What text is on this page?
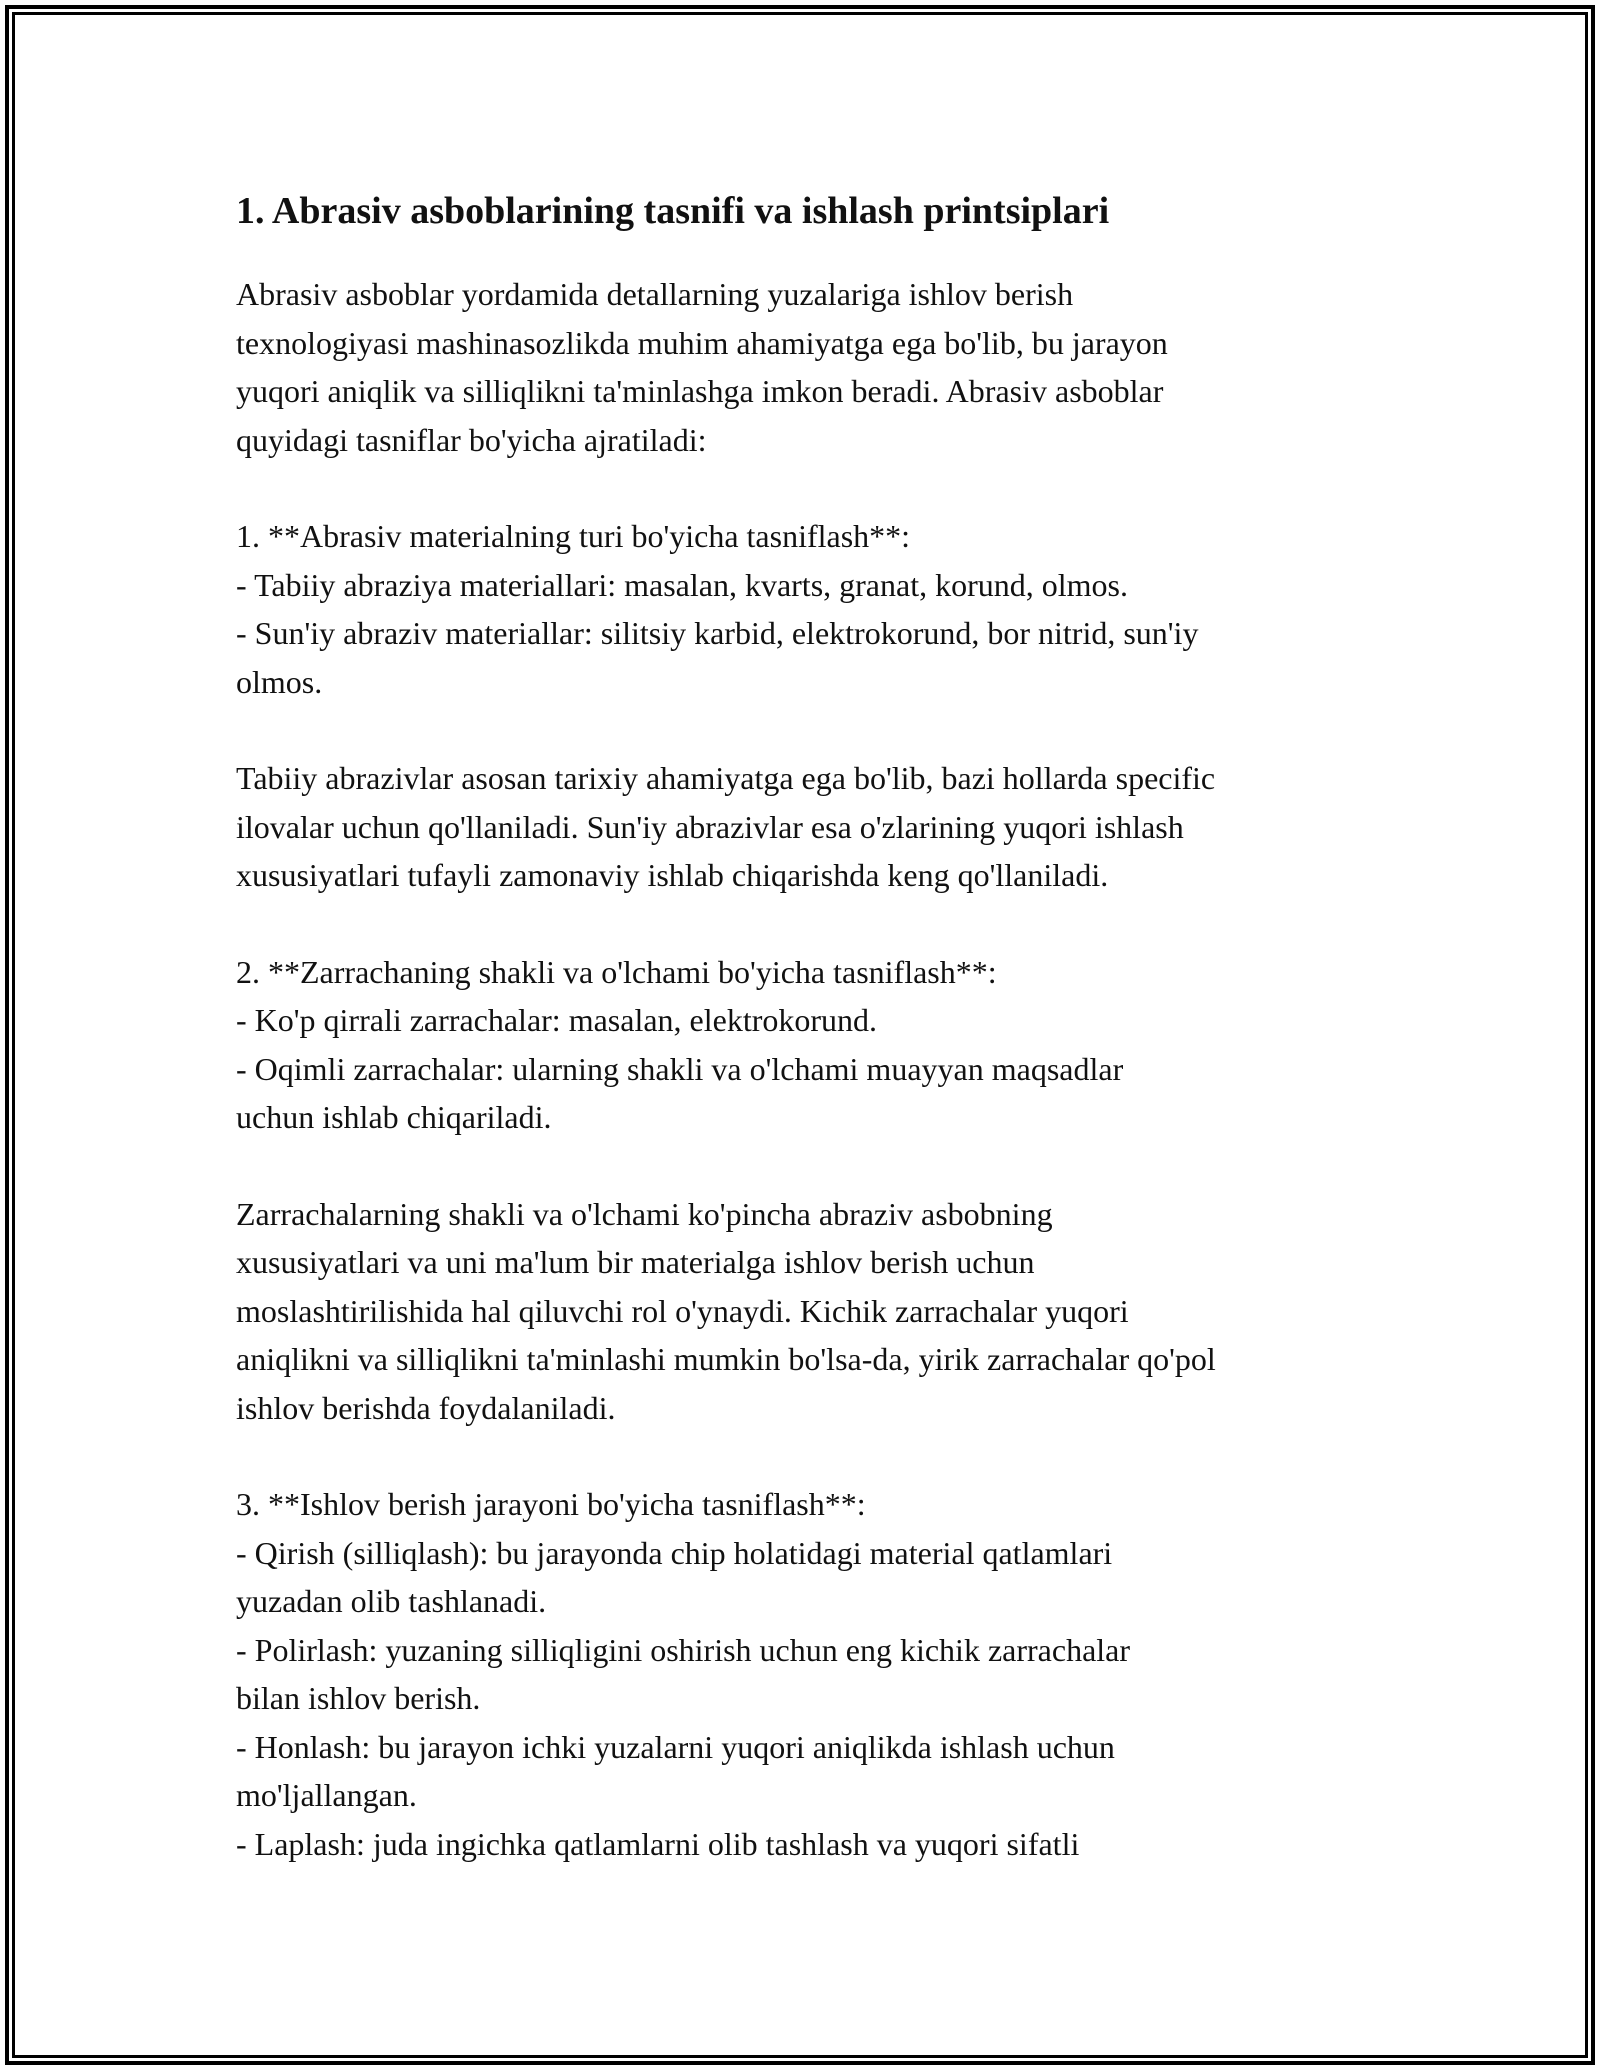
1. Abrasiv asboblarining tasnifi va ishlash printsiplari

Abrasiv asboblar yordamida detallarning yuzalariga ishlov berish
texnologiyasi mashinasozlikda muhim ahamiyatga ega bo'lib, bu jarayon
yuqori aniqlik va silliqlikni ta'minlashga imkon beradi. Abrasiv asboblar
quyidagi tasniflar bo'yicha ajratiladi:

1. **Abrasiv materialning turi bo'yicha tasniflash**:
- Tabiiy abraziya materiallari: masalan, kvarts, granat, korund, olmos.
- Sun'iy abraziv materiallar: silitsiy karbid, elektrokorund, bor nitrid, sun'iy
olmos.

Tabiiy abrazivlar asosan tarixiy ahamiyatga ega bo'lib, bazi hollarda specific
ilovalar uchun qo'llaniladi. Sun'iy abrazivlar esa o'zlarining yuqori ishlash
xususiyatlari tufayli zamonaviy ishlab chiqarishda keng qo'llaniladi.

2. **Zarrachaning shakli va o'lchami bo'yicha tasniflash**:
- Ko'p qirrali zarrachalar: masalan, elektrokorund.
- Oqimli zarrachalar: ularning shakli va o'lchami muayyan maqsadlar
uchun ishlab chiqariladi.

Zarrachalarning shakli va o'lchami ko'pincha abraziv asbobning
xususiyatlari va uni ma'lum bir materialga ishlov berish uchun
moslashtirilishida hal qiluvchi rol o'ynaydi. Kichik zarrachalar yuqori
aniqlikni va silliqlikni ta'minlashi mumkin bo'lsa-da, yirik zarrachalar qo'pol
ishlov berishda foydalaniladi.

3. **Ishlov berish jarayoni bo'yicha tasniflash**:
- Qirish (silliqlash): bu jarayonda chip holatidagi material qatlamlari
yuzadan olib tashlanadi.
- Polirlash: yuzaning silliqligini oshirish uchun eng kichik zarrachalar
bilan ishlov berish.
- Honlash: bu jarayon ichki yuzalarni yuqori aniqlikda ishlash uchun
mo'ljallangan.
- Laplash: juda ingichka qatlamlarni olib tashlash va yuqori sifatli
